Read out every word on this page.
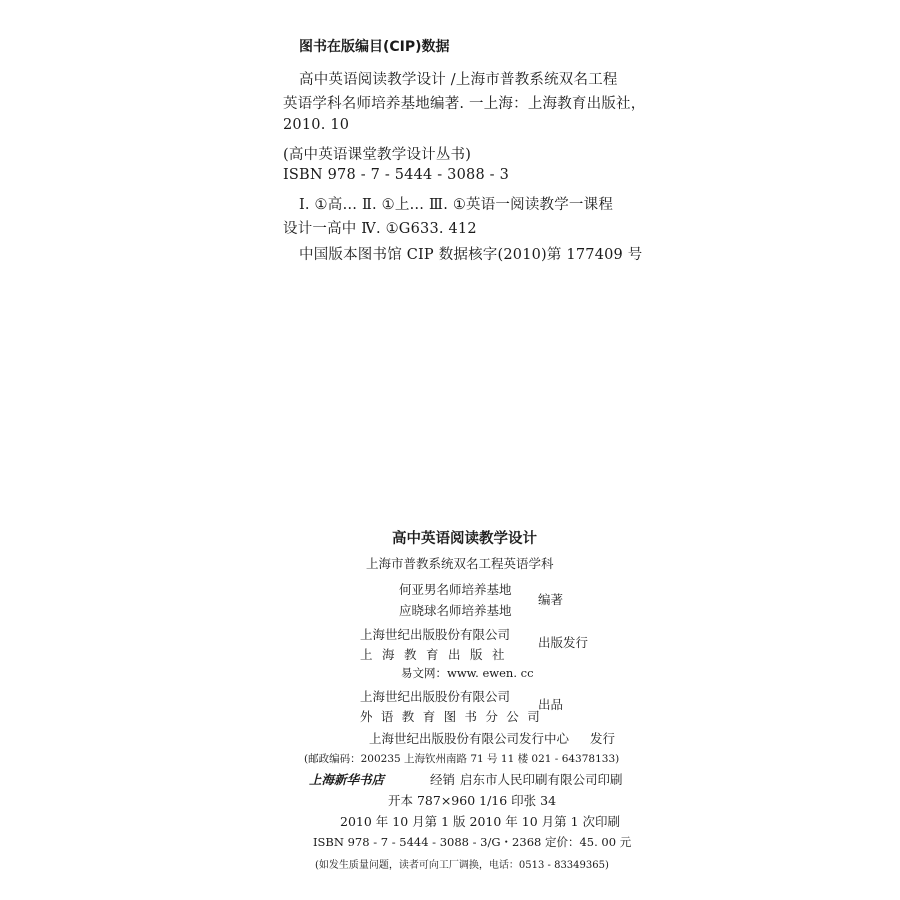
图书在版编目(CIP)数据
高中英语阅读教学设计 /上海市普教系统双名工程
英语学科名师培养基地编著. 一上海：上海教育出版社，
2010. 10
(高中英语课堂教学设计丛书)
ISBN 978 - 7 - 5444 - 3088 - 3
Ⅰ. ①高… Ⅱ. ①上… Ⅲ. ①英语一阅读教学一课程
设计一高中 Ⅳ. ①G633. 412
中国版本图书馆 CIP 数据核字(2010)第 177409 号
高中英语阅读教学设计
上海市普教系统双名工程英语学科
何亚男名师培养基地
应晓球名师培养基地
编著
上海世纪出版股份有限公司
上海教育出版社
出版发行
易文网：www. ewen. cc
上海世纪出版股份有限公司
外语教育图书分公司
出品
上海世纪出版股份有限公司发行中心 发行
(邮政编码：200235 上海钦州南路 71 号 11 楼 021 - 64378133)
上海新华书店	经销 启东市人民印刷有限公司印刷
开本 787×960 1/16 印张 34
2010 年 10 月第 1 版 2010 年 10 月第 1 次印刷
ISBN 978 - 7 - 5444 - 3088 - 3/G・2368 定价：45. 00 元
(如发生质量问题，读者可向工厂调换，电话：0513 - 83349365)
